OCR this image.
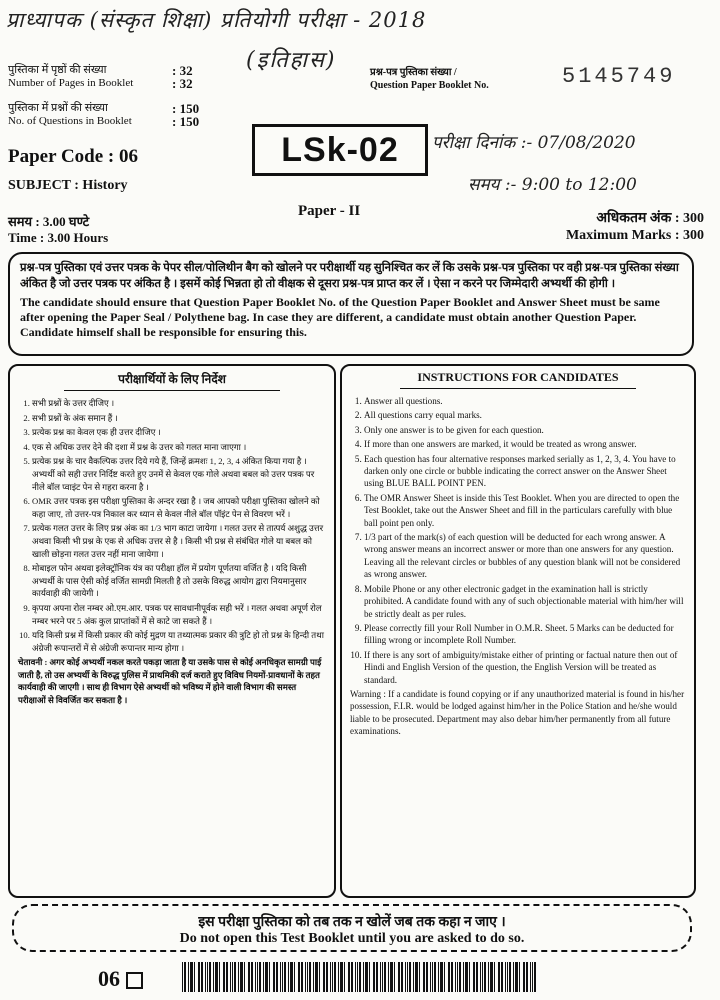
प्राध्यापक (संस्कृत शिक्षा) प्रतियोगी परीक्षा - 2018
(इतिहास)
पुस्तिका में पृष्ठों की संख्या
Number of Pages in Booklet
: 32
: 32
पुस्तिका में प्रश्नों की संख्या
No. of Questions in Booklet
: 150
: 150
प्रश्न-पत्र पुस्तिका संख्या /
Question Paper Booklet No.	5145749
LSk-02	परीक्षा दिनांक :- 07/08/2020
समय :- 9:00 to 12:00
Paper Code : 06
SUBJECT : History
Paper - II
समय : 3.00 घण्टे
Time : 3.00 Hours
अधिकतम अंक : 300
Maximum Marks : 300
प्रश्न-पत्र पुस्तिका एवं उत्तर पत्रक के पेपर सील/पोलिथीन बैग को खोलने पर परीक्षार्थी यह सुनिश्चित कर लें कि उसके प्रश्न-पत्र पुस्तिका पर वही प्रश्न-पत्र पुस्तिका संख्या अंकित है जो उत्तर पत्रक पर अंकित है । इसमें कोई भिन्नता हो तो वीक्षक से दूसरा प्रश्न-पत्र प्राप्त कर लें । ऐसा न करने पर जिम्मेदारी अभ्यर्थी की होगी ।
The candidate should ensure that Question Paper Booklet No. of the Question Paper Booklet and Answer Sheet must be same after opening the Paper Seal / Polythene bag. In case they are different, a candidate must obtain another Question Paper. Candidate himself shall be responsible for ensuring this.
परीक्षार्थियों के लिए निर्देश
1. सभी प्रश्नों के उत्तर दीजिए ।
2. सभी प्रश्नों के अंक समान हैं ।
3. प्रत्येक प्रश्न का केवल एक ही उत्तर दीजिए ।
4. एक से अधिक उत्तर देने की दशा में प्रश्न के उत्तर को गलत माना जाएगा ।
5. प्रत्येक प्रश्न के चार वैकल्पिक उत्तर दिये गये हैं, जिन्हें क्रमशः 1, 2, 3, 4 अंकित किया गया है । अभ्यर्थी को सही उत्तर निर्दिष्ट करते हुए उनमें से केवल एक गोले अथवा बबल को उत्तर पत्रक पर नीले बॉल प्वाइंट पेन से गहरा करना है ।
6. OMR उत्तर पत्रक इस परीक्षा पुस्तिका के अन्दर रखा है । जब आपको परीक्षा पुस्तिका खोलने को कहा जाए, तो उत्तर-पत्र निकाल कर ध्यान से केवल नीले बॉल पॉइंट पेन से विवरण भरें ।
7. प्रत्येक गलत उत्तर के लिए प्रश्न अंक का 1/3 भाग काटा जायेगा । गलत उत्तर से तात्पर्य अशुद्ध उत्तर अथवा किसी भी प्रश्न के एक से अधिक उत्तर से है । किसी भी प्रश्न से संबंधित गोले या बबल को खाली छोड़ना गलत उत्तर नहीं माना जायेगा ।
8. मोबाइल फोन अथवा इलेक्ट्रॉनिक यंत्र का परीक्षा हॉल में प्रयोग पूर्णतया वर्जित है । यदि किसी अभ्यर्थी के पास ऐसी कोई वर्जित सामग्री मिलती है तो उसके विरुद्ध आयोग द्वारा नियमानुसार कार्यवाही की जायेगी ।
9. कृपया अपना रोल नम्बर ओ.एम.आर. पत्रक पर सावधानीपूर्वक सही भरें । गलत अथवा अपूर्ण रोल नम्बर भरने पर 5 अंक कुल प्राप्तांकों में से काटे जा सकते हैं ।
10. यदि किसी प्रश्न में किसी प्रकार की कोई मुद्रण या तथ्यात्मक प्रकार की त्रुटि हो तो प्रश्न के हिन्दी तथा अंग्रेजी रूपान्तरों में से अंग्रेजी रूपान्तर मान्य होगा ।

चेतावनी : अगर कोई अभ्यर्थी नकल करते पकड़ा जाता है या उसके पास से कोई अनधिकृत सामग्री पाई जाती है, तो उस अभ्यर्थी के विरुद्ध पुलिस में प्राथमिकी दर्ज कराते हुए विविध नियमों-प्रावधानों के तहत कार्यवाही की जाएगी । साथ ही विभाग ऐसे अभ्यर्थी को भविष्य में होने वाली विभाग की समस्त परीक्षाओं से विवर्जित कर सकता है ।

INSTRUCTIONS FOR CANDIDATES
1. Answer all questions.
2. All questions carry equal marks.
3. Only one answer is to be given for each question.
4. If more than one answers are marked, it would be treated as wrong answer.
5. Each question has four alternative responses marked serially as 1, 2, 3, 4. You have to darken only one circle or bubble indicating the correct answer on the Answer Sheet using BLUE BALL POINT PEN.
6. The OMR Answer Sheet is inside this Test Booklet. When you are directed to open the Test Booklet, take out the Answer Sheet and fill in the particulars carefully with blue ball point pen only.
7. 1/3 part of the mark(s) of each question will be deducted for each wrong answer. A wrong answer means an incorrect answer or more than one answers for any question. Leaving all the relevant circles or bubbles of any question blank will not be considered as wrong answer.
8. Mobile Phone or any other electronic gadget in the examination hall is strictly prohibited. A candidate found with any of such objectionable material with him/her will be strictly dealt as per rules.
9. Please correctly fill your Roll Number in O.M.R. Sheet. 5 Marks can be deducted for filling wrong or incomplete Roll Number.
10. If there is any sort of ambiguity/mistake either of printing or factual nature then out of Hindi and English Version of the question, the English Version will be treated as standard.

Warning : If a candidate is found copying or if any unauthorized material is found in his/her possession, F.I.R. would be lodged against him/her in the Police Station and he/she would liable to be prosecuted. Department may also debar him/her permanently from all future examinations.

इस परीक्षा पुस्तिका को तब तक न खोलें जब तक कहा न जाए ।
Do not open this Test Booklet until you are asked to do so.
06
